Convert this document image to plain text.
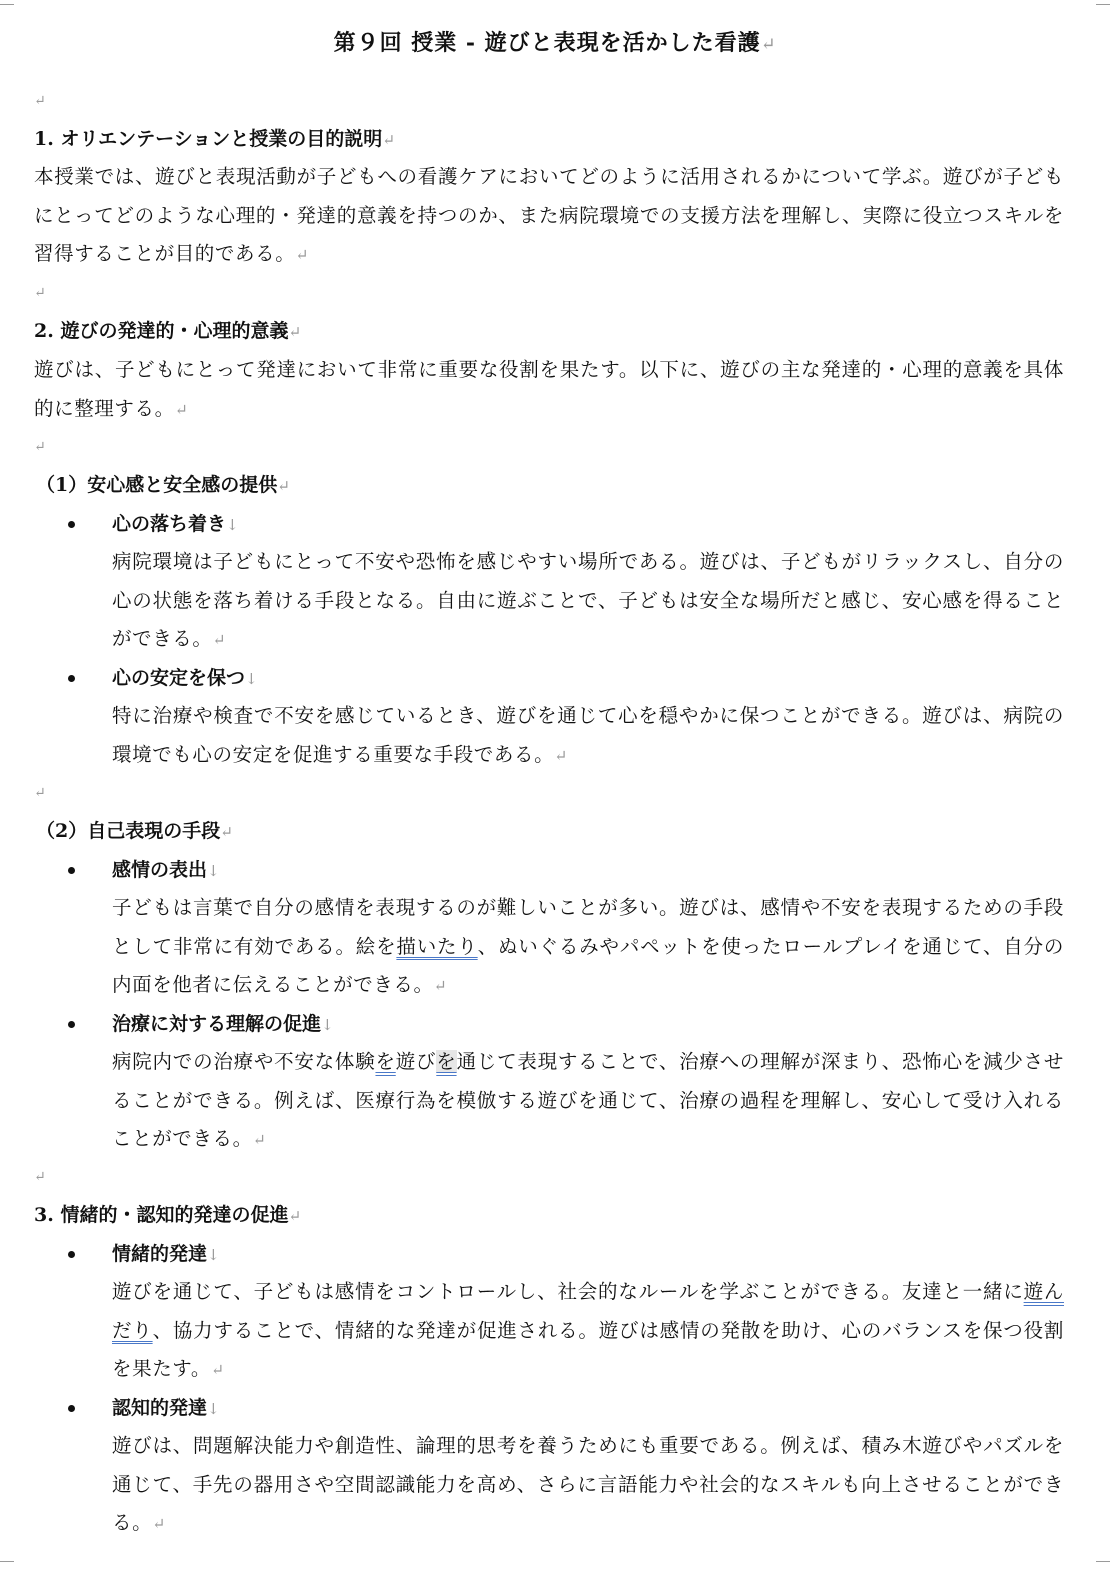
第９回 授業 - 遊びと表現を活かした看護↵
↵
1. オリエンテーションと授業の目的説明↵
本授業では、遊びと表現活動が子どもへの看護ケアにおいてどのように活用されるかについて学ぶ。遊びが子どもにとってどのような心理的・発達的意義を持つのか、また病院環境での支援方法を理解し、実際に役立つスキルを習得することが目的である。↵
↵
2. 遊びの発達的・心理的意義↵
遊びは、子どもにとって発達において非常に重要な役割を果たす。以下に、遊びの主な発達的・心理的意義を具体的に整理する。↵
↵
（1）安心感と安全感の提供↵
心の落ち着き↓
病院環境は子どもにとって不安や恐怖を感じやすい場所である。遊びは、子どもがリラックスし、自分の心の状態を落ち着ける手段となる。自由に遊ぶことで、子どもは安全な場所だと感じ、安心感を得ることができる。↵
心の安定を保つ↓
特に治療や検査で不安を感じているとき、遊びを通じて心を穏やかに保つことができる。遊びは、病院の環境でも心の安定を促進する重要な手段である。↵
↵
（2）自己表現の手段↵
感情の表出↓
子どもは言葉で自分の感情を表現するのが難しいことが多い。遊びは、感情や不安を表現するための手段として非常に有効である。絵を描いたり、ぬいぐるみやパペットを使ったロールプレイを通じて、自分の内面を他者に伝えることができる。↵
治療に対する理解の促進↓
病院内での治療や不安な体験を遊びを通じて表現することで、治療への理解が深まり、恐怖心を減少させることができる。例えば、医療行為を模倣する遊びを通じて、治療の過程を理解し、安心して受け入れることができる。↵
↵
3. 情緒的・認知的発達の促進↵
情緒的発達↓
遊びを通じて、子どもは感情をコントロールし、社会的なルールを学ぶことができる。友達と一緒に遊んだり、協力することで、情緒的な発達が促進される。遊びは感情の発散を助け、心のバランスを保つ役割を果たす。↵
認知的発達↓
遊びは、問題解決能力や創造性、論理的思考を養うためにも重要である。例えば、積み木遊びやパズルを通じて、手先の器用さや空間認識能力を高め、さらに言語能力や社会的なスキルも向上させることができる。↵
